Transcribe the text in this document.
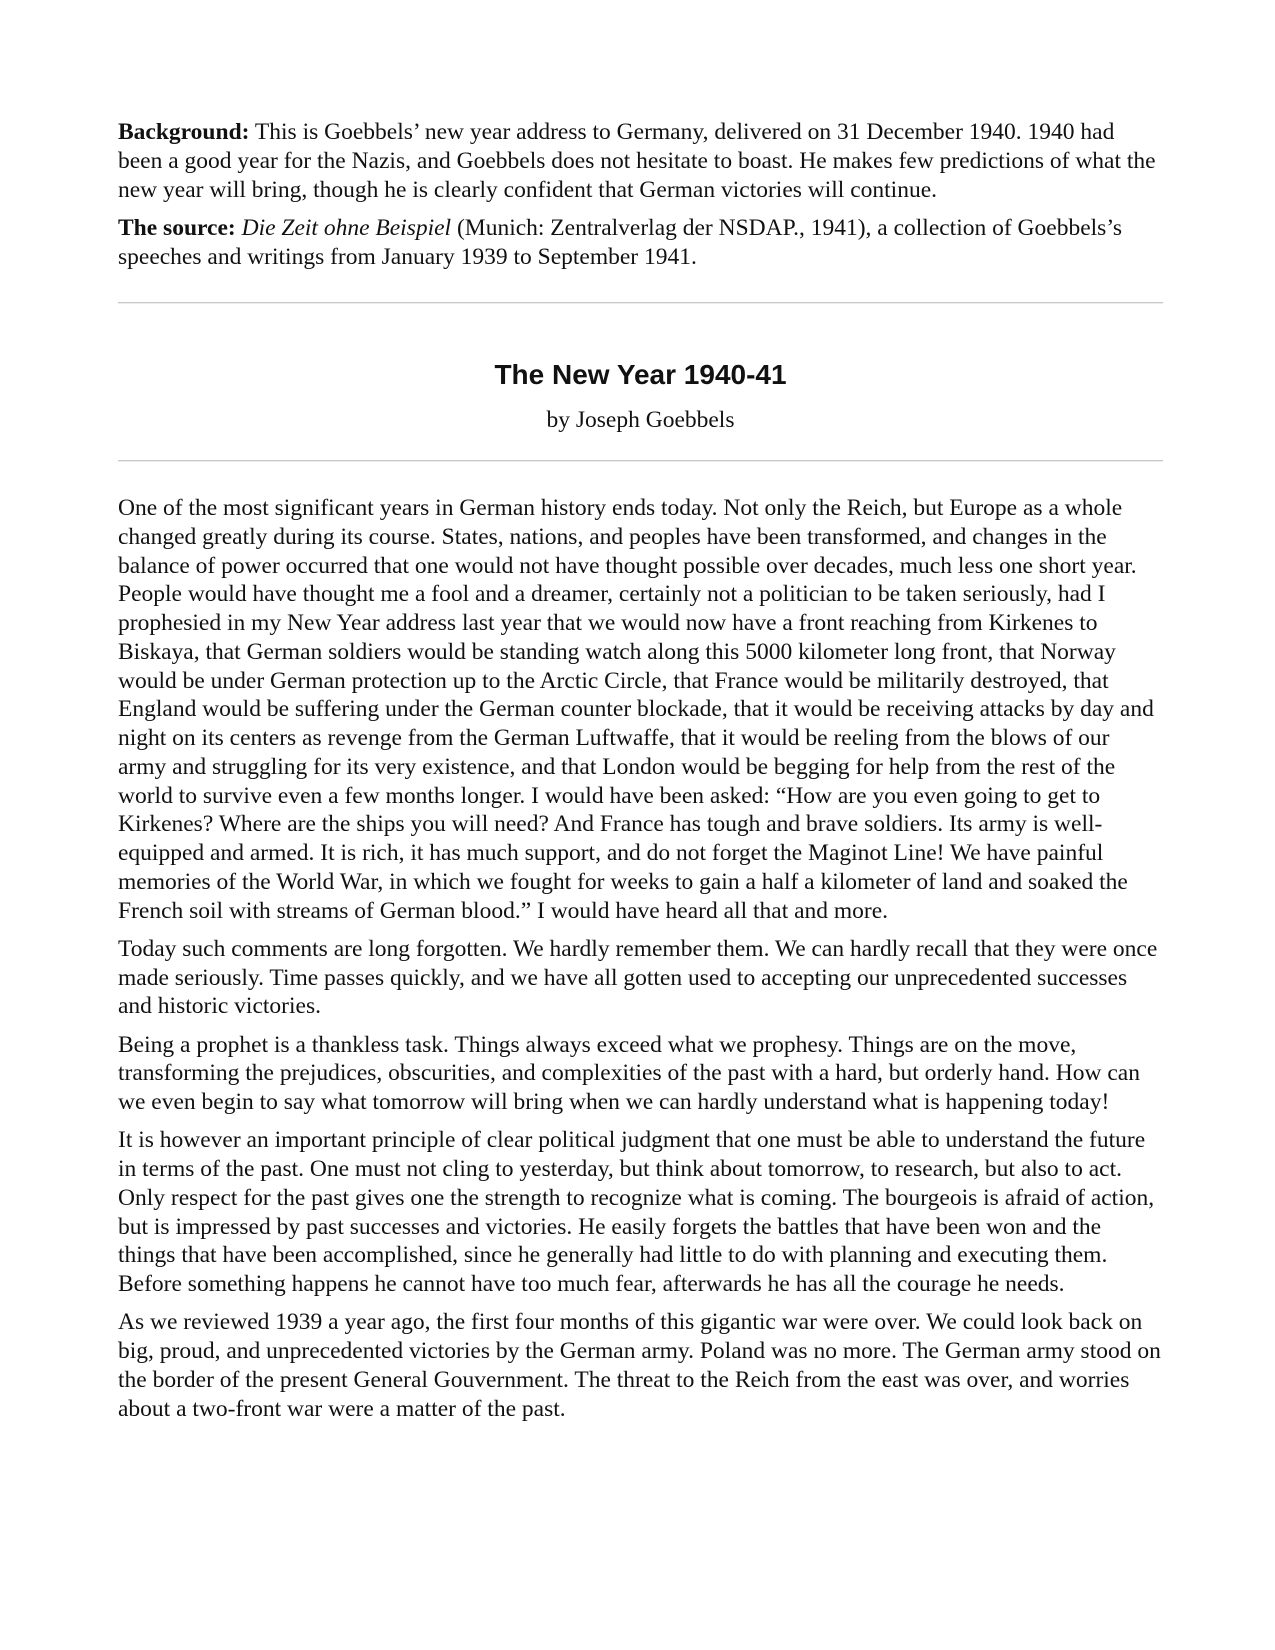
Background: This is Goebbels’ new year address to Germany, delivered on 31 December 1940. 1940 had been a good year for the Nazis, and Goebbels does not hesitate to boast. He makes few predictions of what the new year will bring, though he is clearly confident that German victories will continue.

The source: Die Zeit ohne Beispiel (Munich: Zentralverlag der NSDAP., 1941), a collection of Goebbels’s speeches and writings from January 1939 to September 1941.

The New Year 1940-41
by Joseph Goebbels

One of the most significant years in German history ends today. Not only the Reich, but Europe as a whole changed greatly during its course. States, nations, and peoples have been transformed, and changes in the balance of power occurred that one would not have thought possible over decades, much less one short year. People would have thought me a fool and a dreamer, certainly not a politician to be taken seriously, had I prophesied in my New Year address last year that we would now have a front reaching from Kirkenes to Biskaya, that German soldiers would be standing watch along this 5000 kilometer long front, that Norway would be under German protection up to the Arctic Circle, that France would be militarily destroyed, that England would be suffering under the German counter blockade, that it would be receiving attacks by day and night on its centers as revenge from the German Luftwaffe, that it would be reeling from the blows of our army and struggling for its very existence, and that London would be begging for help from the rest of the world to survive even a few months longer. I would have been asked: “How are you even going to get to Kirkenes? Where are the ships you will need? And France has tough and brave soldiers. Its army is well-equipped and armed. It is rich, it has much support, and do not forget the Maginot Line! We have painful memories of the World War, in which we fought for weeks to gain a half a kilometer of land and soaked the French soil with streams of German blood.” I would have heard all that and more.

Today such comments are long forgotten. We hardly remember them. We can hardly recall that they were once made seriously. Time passes quickly, and we have all gotten used to accepting our unprecedented successes and historic victories.

Being a prophet is a thankless task. Things always exceed what we prophesy. Things are on the move, transforming the prejudices, obscurities, and complexities of the past with a hard, but orderly hand. How can we even begin to say what tomorrow will bring when we can hardly understand what is happening today!

It is however an important principle of clear political judgment that one must be able to understand the future in terms of the past. One must not cling to yesterday, but think about tomorrow, to research, but also to act. Only respect for the past gives one the strength to recognize what is coming. The bourgeois is afraid of action, but is impressed by past successes and victories. He easily forgets the battles that have been won and the things that have been accomplished, since he generally had little to do with planning and executing them. Before something happens he cannot have too much fear, afterwards he has all the courage he needs.

As we reviewed 1939 a year ago, the first four months of this gigantic war were over. We could look back on big, proud, and unprecedented victories by the German army. Poland was no more. The German army stood on the border of the present General Gouvernment. The threat to the Reich from the east was over, and worries about a two-front war were a matter of the past.
